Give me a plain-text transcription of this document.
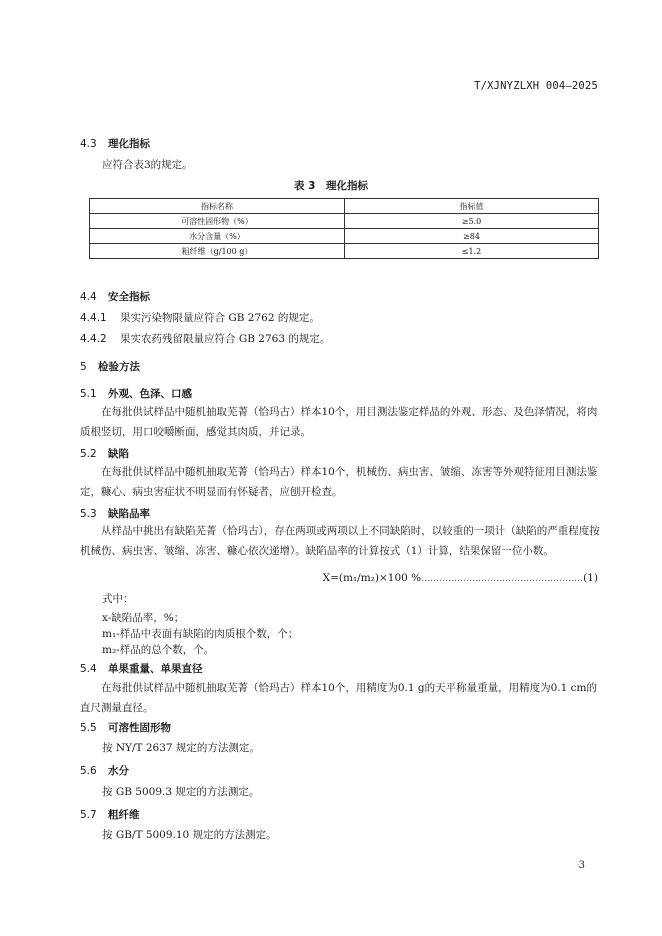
T/XJNYZLXH 004—2025
4.3 理化指标
应符合表3的规定。
表 3　理化指标
指标名称	指标值
可溶性固形物（%）	≥5.0
水分含量（%）	≥84
粗纤维（g/100 g）	≤1.2
4.4 安全指标
4.4.1 果实污染物限量应符合 GB 2762 的规定。
4.4.2 果实农药残留限量应符合 GB 2763 的规定。
5 检验方法
5.1 外观、色泽、口感
在每批供试样品中随机抽取芜菁（恰玛古）样本10个，用目测法鉴定样品的外观、形态、及色泽情况，将肉质根竖切，用口咬嚼断面，感觉其肉质，并记录。
5.2 缺陷
在每批供试样品中随机抽取芜菁（恰玛古）样本10个，机械伤、病虫害、皱缩、冻害等外观特征用目测法鉴定，糠心、病虫害症状不明显而有怀疑者，应刨开检查。
5.3 缺陷品率
从样品中挑出有缺陷芜菁（恰玛古），存在两项或两项以上不同缺陷时，以较重的一项计（缺陷的严重程度按机械伤、病虫害、皱缩、冻害、糠心依次递增）。缺陷品率的计算按式（1）计算，结果保留一位小数。
X=(m₁/m₂)×100 %………………………………………………(1)
式中：
x-缺陷品率，%；
m₁-样品中表面有缺陷的肉质根个数，个；
m₂-样品的总个数，个。
5.4 单果重量、单果直径
在每批供试样品中随机抽取芜菁（恰玛古）样本10个，用精度为0.1 g的天平称量重量，用精度为0.1 cm的直尺测量直径。
5.5 可溶性固形物
按 NY/T 2637 规定的方法测定。
5.6 水分
按 GB 5009.3 规定的方法测定。
5.7 粗纤维
按 GB/T 5009.10 规定的方法测定。
3
